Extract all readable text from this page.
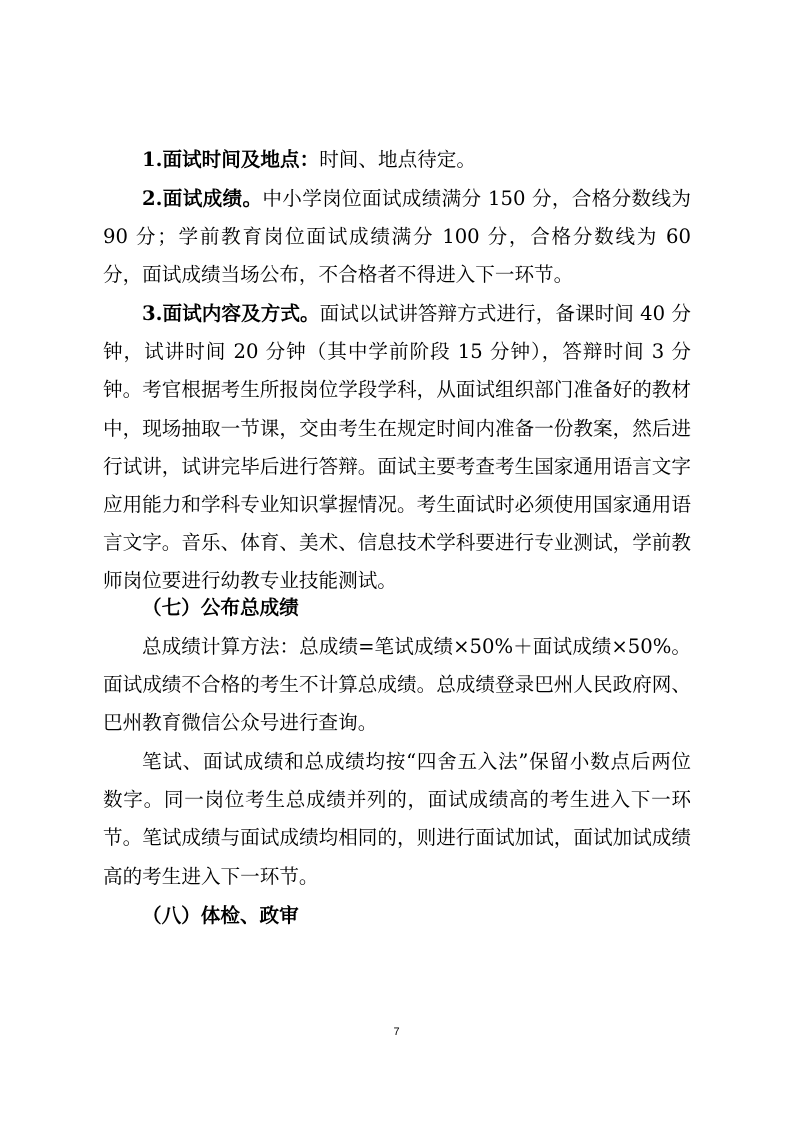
1.面试时间及地点：时间、地点待定。

2.面试成绩。中小学岗位面试成绩满分 150 分，合格分数线为 90 分；学前教育岗位面试成绩满分 100 分，合格分数线为 60 分，面试成绩当场公布，不合格者不得进入下一环节。

3.面试内容及方式。面试以试讲答辩方式进行，备课时间 40 分钟，试讲时间 20 分钟（其中学前阶段 15 分钟），答辩时间 3 分钟。考官根据考生所报岗位学段学科，从面试组织部门准备好的教材中，现场抽取一节课，交由考生在规定时间内准备一份教案，然后进行试讲，试讲完毕后进行答辩。面试主要考查考生国家通用语言文字应用能力和学科专业知识掌握情况。考生面试时必须使用国家通用语言文字。音乐、体育、美术、信息技术学科要进行专业测试，学前教师岗位要进行幼教专业技能测试。

（七）公布总成绩

总成绩计算方法：总成绩=笔试成绩×50%＋面试成绩×50%。面试成绩不合格的考生不计算总成绩。总成绩登录巴州人民政府网、巴州教育微信公众号进行查询。

笔试、面试成绩和总成绩均按“四舍五入法”保留小数点后两位数字。同一岗位考生总成绩并列的，面试成绩高的考生进入下一环节。笔试成绩与面试成绩均相同的，则进行面试加试，面试加试成绩高的考生进入下一环节。

（八）体检、政审

7
